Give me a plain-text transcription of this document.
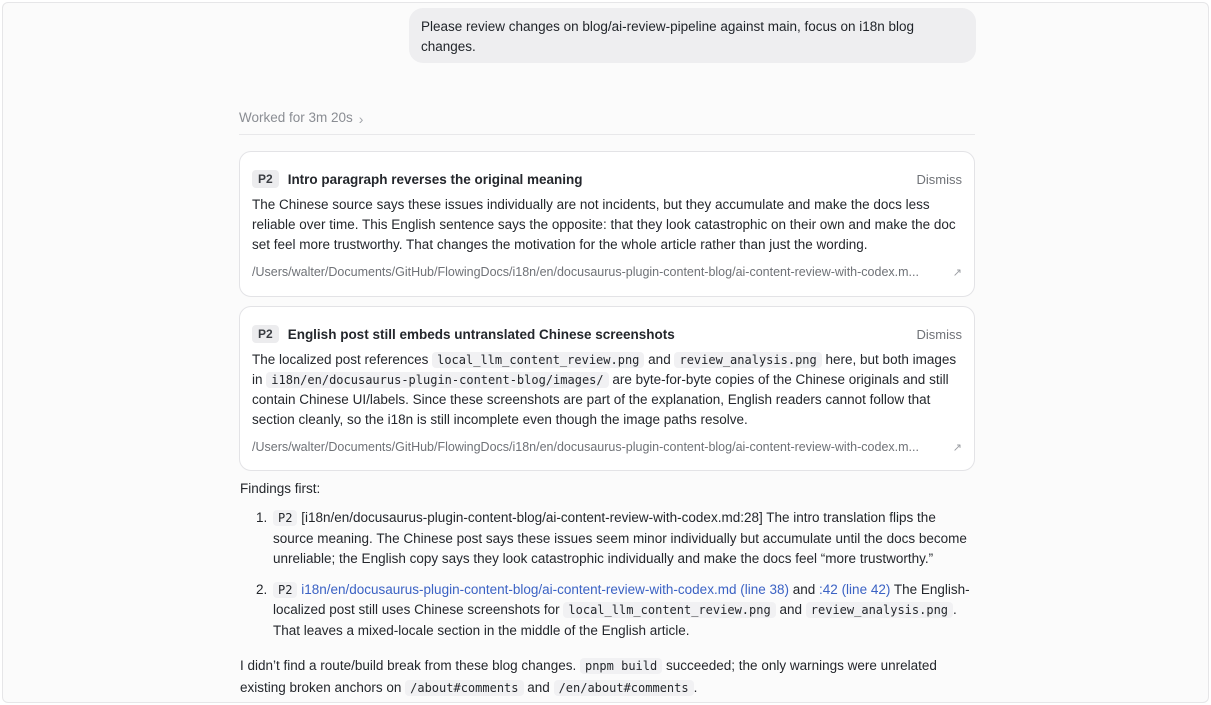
Please review changes on blog/ai-review-pipeline against main, focus on i18n blog changes.
Worked for 3m 20s ›
P2	Intro paragraph reverses the original meaning	Dismiss
The Chinese source says these issues individually are not incidents, but they accumulate and make the docs less reliable over time. This English sentence says the opposite: that they look catastrophic on their own and make the doc set feel more trustworthy. That changes the motivation for the whole article rather than just the wording.
/Users/walter/Documents/GitHub/FlowingDocs/i18n/en/docusaurus-plugin-content-blog/ai-content-review-with-codex.m...	↗
P2	English post still embeds untranslated Chinese screenshots	Dismiss
The localized post references local_llm_content_review.png and review_analysis.png here, but both images in i18n/en/docusaurus-plugin-content-blog/images/ are byte-for-byte copies of the Chinese originals and still contain Chinese UI/labels. Since these screenshots are part of the explanation, English readers cannot follow that section cleanly, so the i18n is still incomplete even though the image paths resolve.
/Users/walter/Documents/GitHub/FlowingDocs/i18n/en/docusaurus-plugin-content-blog/ai-content-review-with-codex.m...	↗
Findings first:
1. P2 [i18n/en/docusaurus-plugin-content-blog/ai-content-review-with-codex.md:28] The intro translation flips the source meaning. The Chinese post says these issues seem minor individually but accumulate until the docs become unreliable; the English copy says they look catastrophic individually and make the docs feel “more trustworthy.”
2. P2 i18n/en/docusaurus-plugin-content-blog/ai-content-review-with-codex.md (line 38) and :42 (line 42) The English-localized post still uses Chinese screenshots for local_llm_content_review.png and review_analysis.png . That leaves a mixed-locale section in the middle of the English article.
I didn’t find a route/build break from these blog changes. pnpm build succeeded; the only warnings were unrelated existing broken anchors on /about#comments and /en/about#comments .
